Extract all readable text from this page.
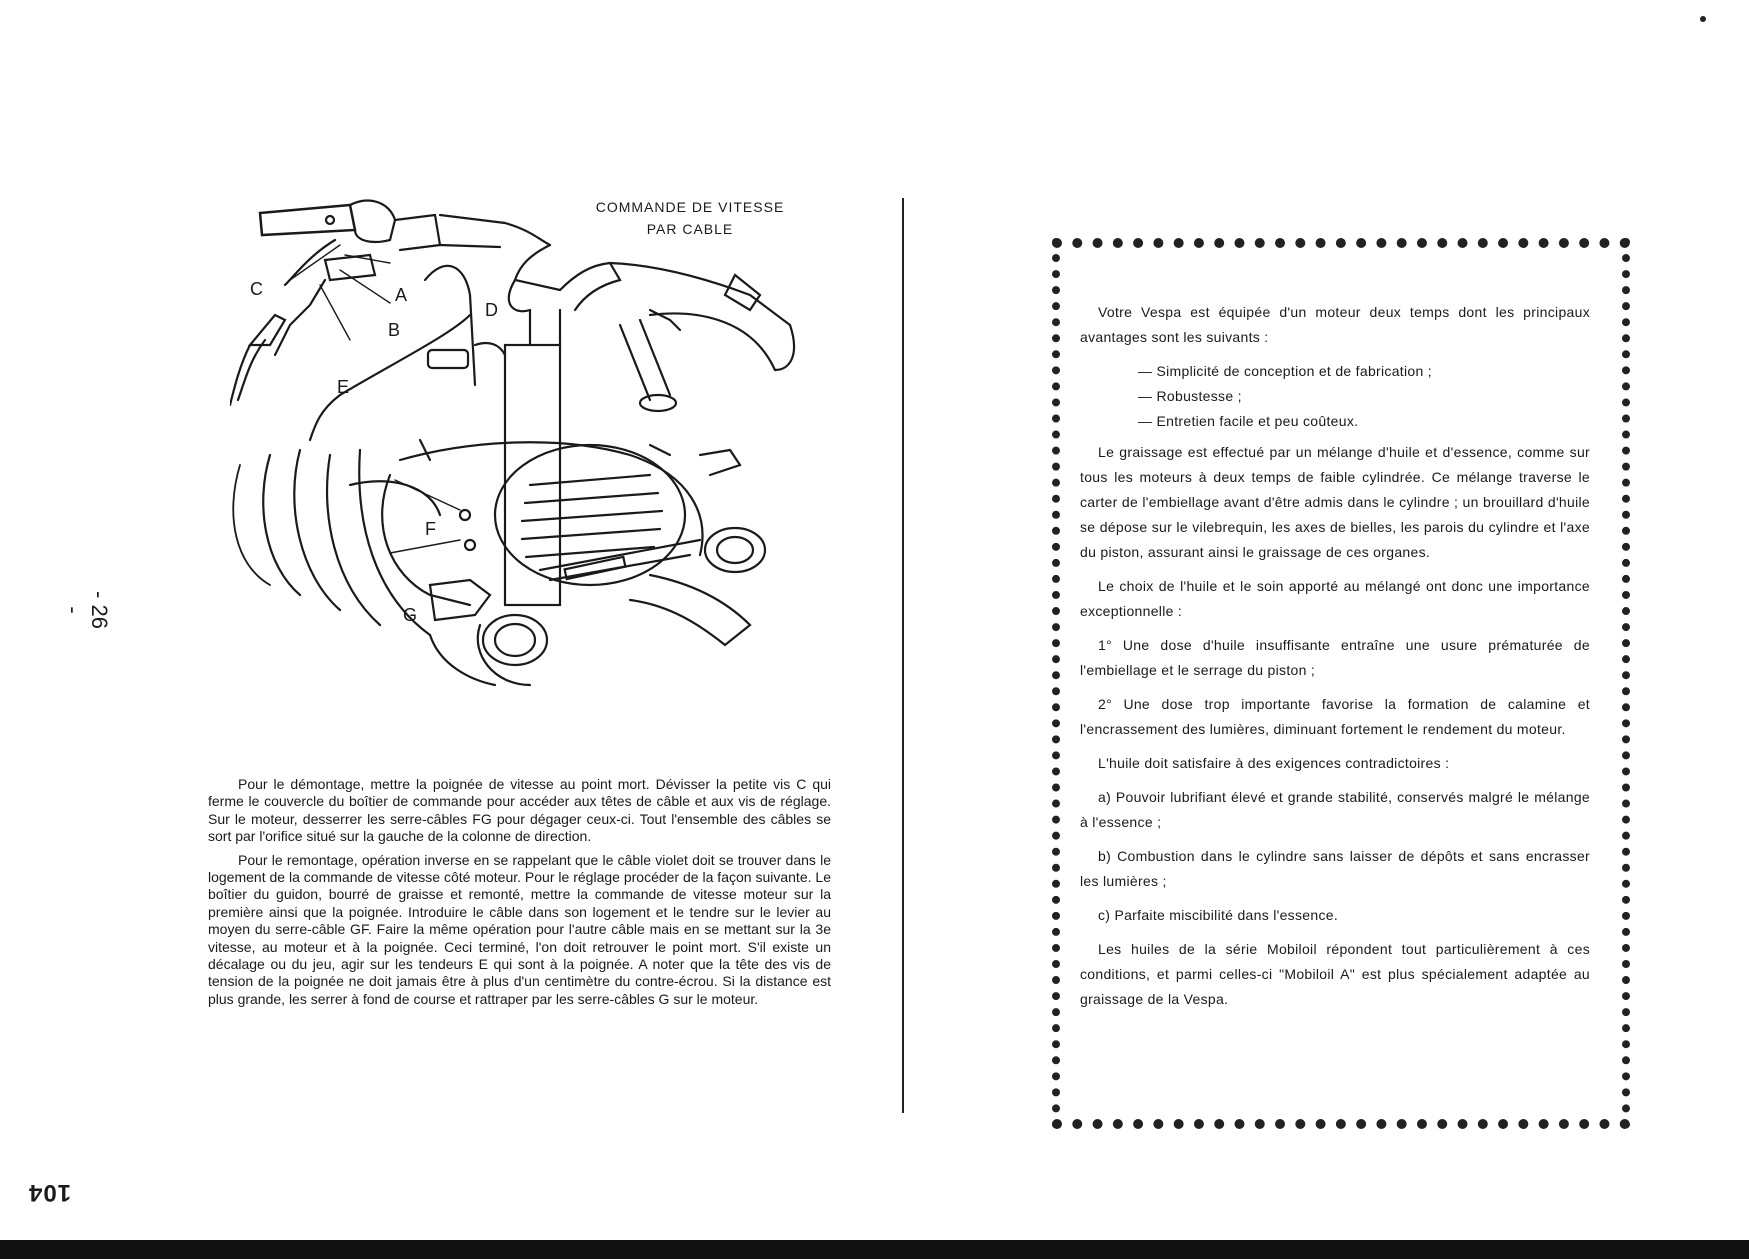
COMMANDE DE VITESSE
PAR CABLE
C	A
B
E
D
F
G
- 26 -
104

Pour le démontage, mettre la poignée de vitesse au point mort. Dévisser la petite vis C qui ferme le couvercle du boîtier de commande pour accéder aux têtes de câble et aux vis de réglage. Sur le moteur, desserrer les serre-câbles FG pour dégager ceux-ci. Tout l'ensemble des câbles se sort par l'orifice situé sur la gauche de la colonne de direction.

Pour le remontage, opération inverse en se rappelant que le câble violet doit se trouver dans le logement de la commande de vitesse côté moteur. Pour le réglage procéder de la façon suivante. Le boîtier du guidon, bourré de graisse et remonté, mettre la commande de vitesse moteur sur la première ainsi que la poignée. Introduire le câble dans son logement et le tendre sur le levier au moyen du serre-câble GF. Faire la même opération pour l'autre câble mais en se mettant sur la 3e vitesse, au moteur et à la poignée. Ceci terminé, l'on doit retrouver le point mort. S'il existe un décalage ou du jeu, agir sur les tendeurs E qui sont à la poignée. A noter que la tête des vis de tension de la poignée ne doit jamais être à plus d'un centimètre du contre-écrou. Si la distance est plus grande, les serrer à fond de course et rattraper par les serre-câbles G sur le moteur.

Votre Vespa est équipée d'un moteur deux temps dont les principaux avantages sont les suivants :

— Simplicité de conception et de fabrication ;
— Robustesse ;
— Entretien facile et peu coûteux.

Le graissage est effectué par un mélange d'huile et d'essence, comme sur tous les moteurs à deux temps de faible cylindrée. Ce mélange traverse le carter de l'embiellage avant d'être admis dans le cylindre ; un brouillard d'huile se dépose sur le vilebrequin, les axes de bielles, les parois du cylindre et l'axe du piston, assurant ainsi le graissage de ces organes.

Le choix de l'huile et le soin apporté au mélangé ont donc une importance exceptionnelle :

1° Une dose d'huile insuffisante entraîne une usure prématurée de l'embiellage et le serrage du piston ;

2° Une dose trop importante favorise la formation de calamine et l'encrassement des lumières, diminuant fortement le rendement du moteur.

L'huile doit satisfaire à des exigences contradictoires :

a) Pouvoir lubrifiant élevé et grande stabilité, conservés malgré le mélange à l'essence ;

b) Combustion dans le cylindre sans laisser de dépôts et sans encrasser les lumières ;

c) Parfaite miscibilité dans l'essence.

Les huiles de la série Mobiloil répondent tout particulièrement à ces conditions, et parmi celles-ci "Mobiloil A" est plus spécialement adaptée au graissage de la Vespa.
